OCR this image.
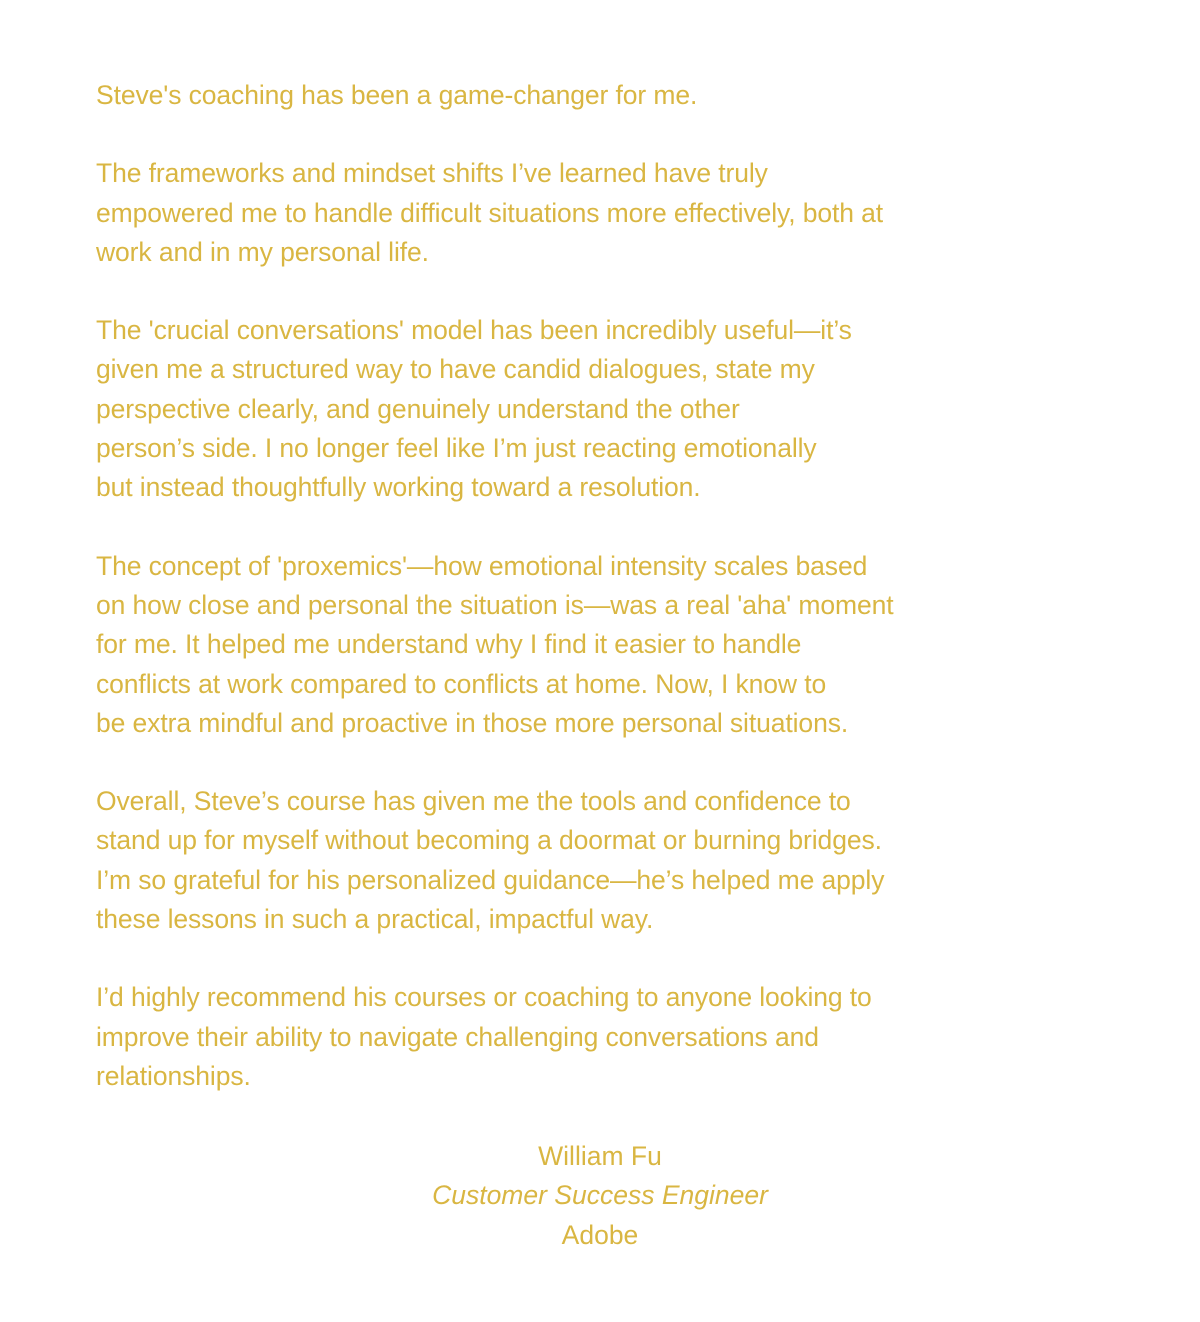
Steve's coaching has been a game-changer for me.

The frameworks and mindset shifts I’ve learned have truly
empowered me to handle difficult situations more effectively, both at
work and in my personal life.

The 'crucial conversations' model has been incredibly useful—it’s
given me a structured way to have candid dialogues, state my
perspective clearly, and genuinely understand the other
person’s side. I no longer feel like I’m just reacting emotionally
but instead thoughtfully working toward a resolution.

The concept of 'proxemics'—how emotional intensity scales based
on how close and personal the situation is—was a real 'aha' moment
for me. It helped me understand why I find it easier to handle
conflicts at work compared to conflicts at home. Now, I know to
be extra mindful and proactive in those more personal situations.

Overall, Steve’s course has given me the tools and confidence to
stand up for myself without becoming a doormat or burning bridges.
I’m so grateful for his personalized guidance—he’s helped me apply
these lessons in such a practical, impactful way.

I’d highly recommend his courses or coaching to anyone looking to
improve their ability to navigate challenging conversations and
relationships.

William Fu
Customer Success Engineer
Adobe
